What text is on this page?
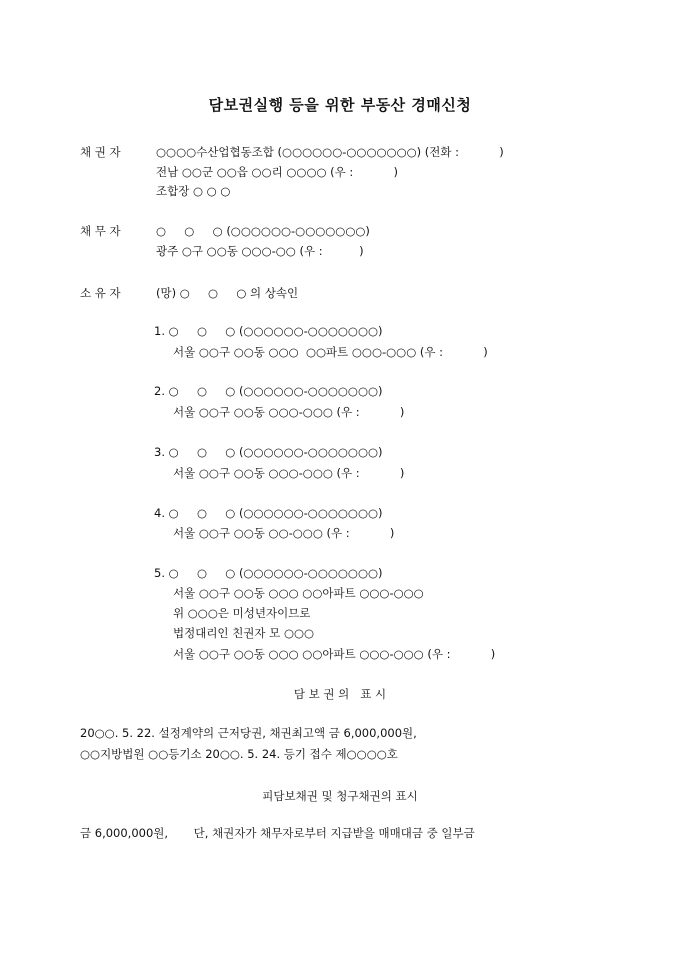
담보권실행 등을 위한 부동산 경매신청
채 권 자	○○○○수산업협동조합 (○○○○○○-○○○○○○○) (전화 :           )
전남 ○○군 ○○읍 ○○리 ○○○○ (우 :           )
조합장 ○ ○ ○
채 무 자	○     ○     ○ (○○○○○○-○○○○○○○)
광주 ○구 ○○동 ○○○-○○ (우 :          )
소 유 자	(망) ○     ○     ○ 의 상속인
1. ○     ○     ○ (○○○○○○-○○○○○○○)
서울 ○○구 ○○동 ○○○  ○○파트 ○○○-○○○ (우 :           )
2. ○     ○     ○ (○○○○○○-○○○○○○○)
서울 ○○구 ○○동 ○○○-○○○ (우 :           )
3. ○     ○     ○ (○○○○○○-○○○○○○○)
서울 ○○구 ○○동 ○○○-○○○ (우 :           )
4. ○     ○     ○ (○○○○○○-○○○○○○○)
서울 ○○구 ○○동 ○○-○○○ (우 :           )
5. ○     ○     ○ (○○○○○○-○○○○○○○)
서울 ○○구 ○○동 ○○○ ○○아파트 ○○○-○○○
위 ○○○은 미성년자이므로
법정대리인 친권자 모 ○○○
서울 ○○구 ○○동 ○○○ ○○아파트 ○○○-○○○ (우 :           )
담 보 권 의   표 시
20○○. 5. 22. 설정계약의 근저당권, 채권최고액 금 6,000,000원,
○○지방법원 ○○등기소 20○○. 5. 24. 등기 접수 제○○○○호
피담보채권 및 청구채권의 표시
금 6,000,000원,       단, 채권자가 채무자로부터 지급받을 매매대금 중 일부금
